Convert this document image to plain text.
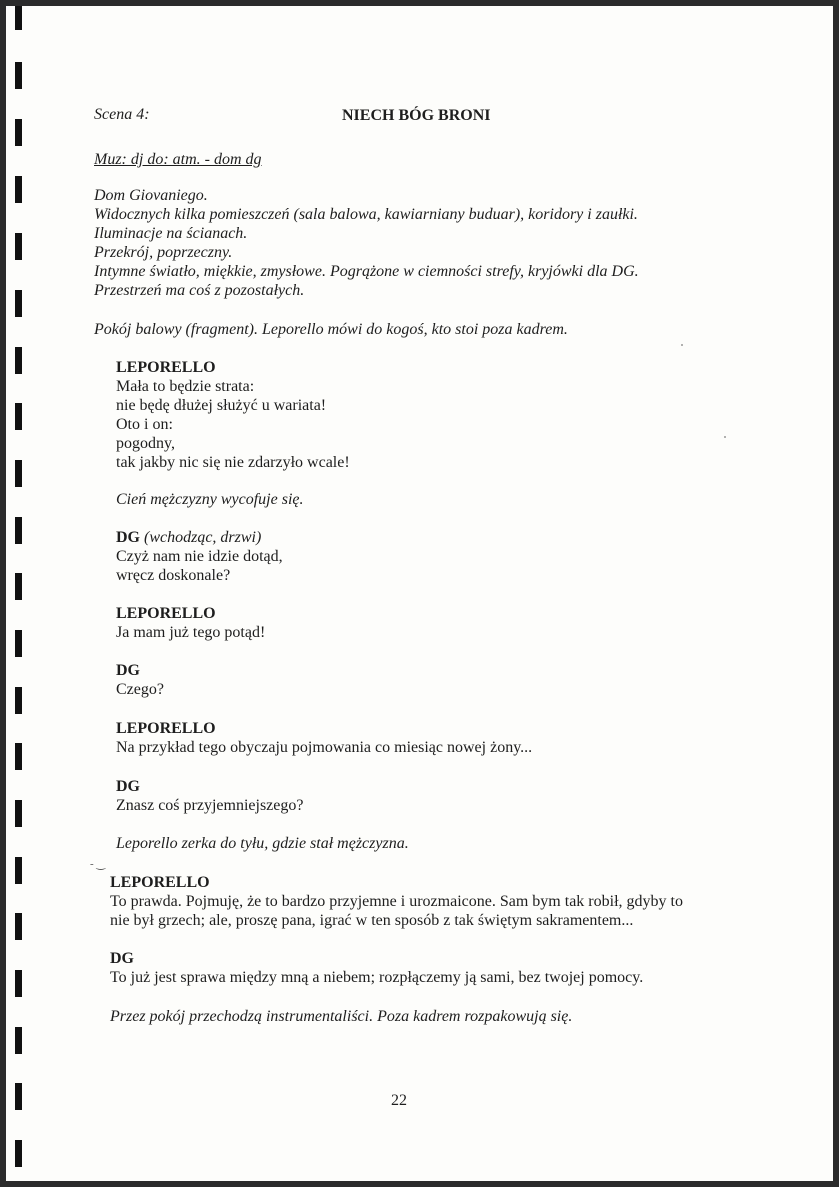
- ‿
Scena 4:	NIECH BÓG BRONI
Muz: dj do: atm. - dom dg
Dom Giovaniego.
Widocznych kilka pomieszczeń (sala balowa, kawiarniany buduar), koridory i zaułki.
Iluminacje na ścianach.
Przekrój, poprzeczny.
Intymne światło, miękkie, zmysłowe. Pogrążone w ciemności strefy, kryjówki dla DG.
Przestrzeń ma coś z pozostałych.
Pokój balowy (fragment). Leporello mówi do kogoś, kto stoi poza kadrem.
LEPORELLO
Mała to będzie strata:
nie będę dłużej służyć u wariata!
Oto i on:
pogodny,
tak jakby nic się nie zdarzyło wcale!
Cień mężczyzny wycofuje się.
DG (wchodząc, drzwi)
Czyż nam nie idzie dotąd,
wręcz doskonale?
LEPORELLO
Ja mam już tego potąd!
DG
Czego?
LEPORELLO
Na przykład tego obyczaju pojmowania co miesiąc nowej żony...
DG
Znasz coś przyjemniejszego?
Leporello zerka do tyłu, gdzie stał mężczyzna.
LEPORELLO
To prawda. Pojmuję, że to bardzo przyjemne i urozmaicone. Sam bym tak robił, gdyby to
nie był grzech; ale, proszę pana, igrać w ten sposób z tak świętym sakramentem...
DG
To już jest sprawa między mną a niebem; rozpłączemy ją sami, bez twojej pomocy.
Przez pokój przechodzą instrumentaliści. Poza kadrem rozpakowują się.
22
